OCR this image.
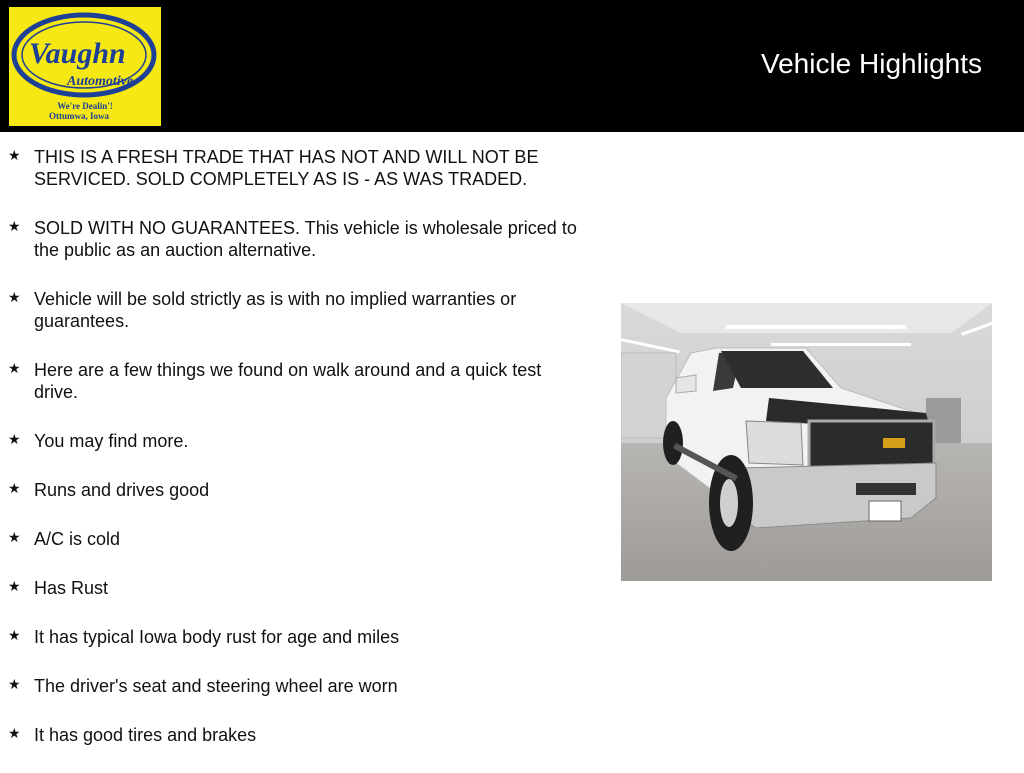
Vaughn
Automotive
We're Dealin'!
Ottumwa, Iowa
Vehicle Highlights
★ THIS IS A FRESH TRADE THAT HAS NOT AND WILL NOT BE SERVICED. SOLD COMPLETELY AS IS - AS WAS TRADED.
★ SOLD WITH NO GUARANTEES. This vehicle is wholesale priced to the public as an auction alternative.
★ Vehicle will be sold strictly as is with no implied warranties or guarantees.
★ Here are a few things we found on walk around and a quick test drive.
★ You may find more.
★ Runs and drives good
★ A/C is cold
★ Has Rust
★ It has typical Iowa body rust for age and miles
★ The driver's seat and steering wheel are worn
★ It has good tires and brakes
